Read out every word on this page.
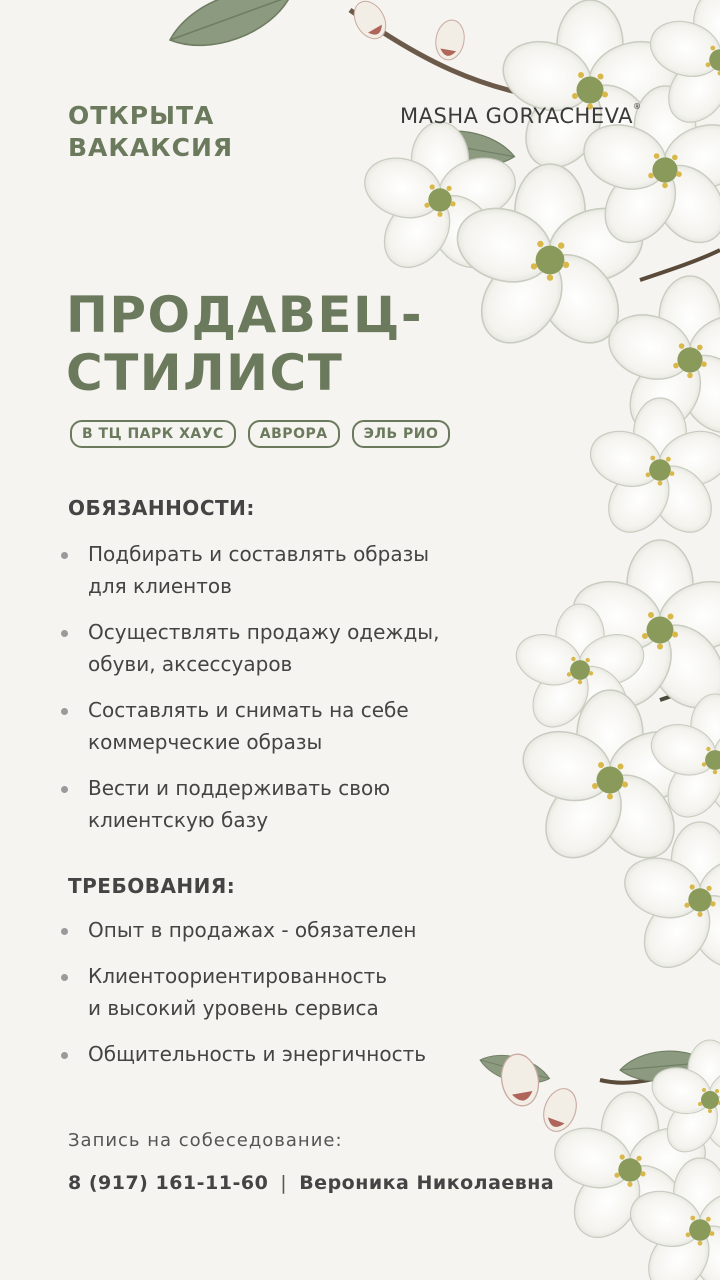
ОТКРЫТА
ВАКАКСИЯ
MASHA GORYACHEVA®
ПРОДАВЕЦ-
СТИЛИСТ
В ТЦ ПАРК ХАУС	АВРОРА	ЭЛЬ РИО
ОБЯЗАННОСТИ:
Подбирать и составлять образы
для клиентов
Осуществлять продажу одежды,
обуви, аксессуаров
Составлять и снимать на себе
коммерческие образы
Вести и поддерживать свою
клиентскую базу
ТРЕБОВАНИЯ:
Опыт в продажах - обязателен
Клиентоориентированность
и высокий уровень сервиса
Общительность и энергичность
Запись на собеседование:
8 (917) 161-11-60 | Вероника Николаевна
